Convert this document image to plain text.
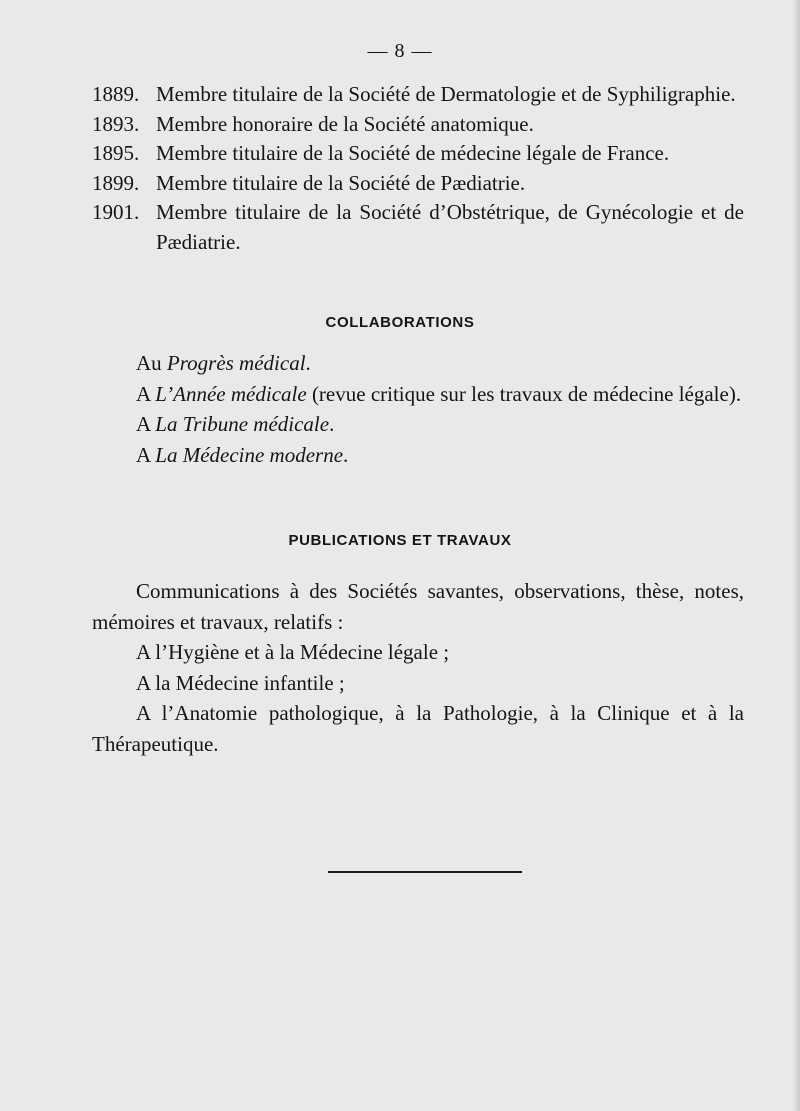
— 8 —
1889. Membre titulaire de la Société de Dermatologie et de Syphiligraphie.
1893. Membre honoraire de la Société anatomique.
1895. Membre titulaire de la Société de médecine légale de France.
1899. Membre titulaire de la Société de Pædiatrie.
1901. Membre titulaire de la Société d’Obstétrique, de Gynécologie et de Pædiatrie.
COLLABORATIONS

Au Progrès médical.

A L’Année médicale (revue critique sur les travaux de médecine légale).

A La Tribune médicale.

A La Médecine moderne.

PUBLICATIONS ET TRAVAUX

Communications à des Sociétés savantes, observations, thèse, notes, mémoires et travaux, relatifs :

A l’Hygiène et à la Médecine légale ;

A la Médecine infantile ;

A l’Anatomie pathologique, à la Pathologie, à la Clinique et à la Thérapeutique.
